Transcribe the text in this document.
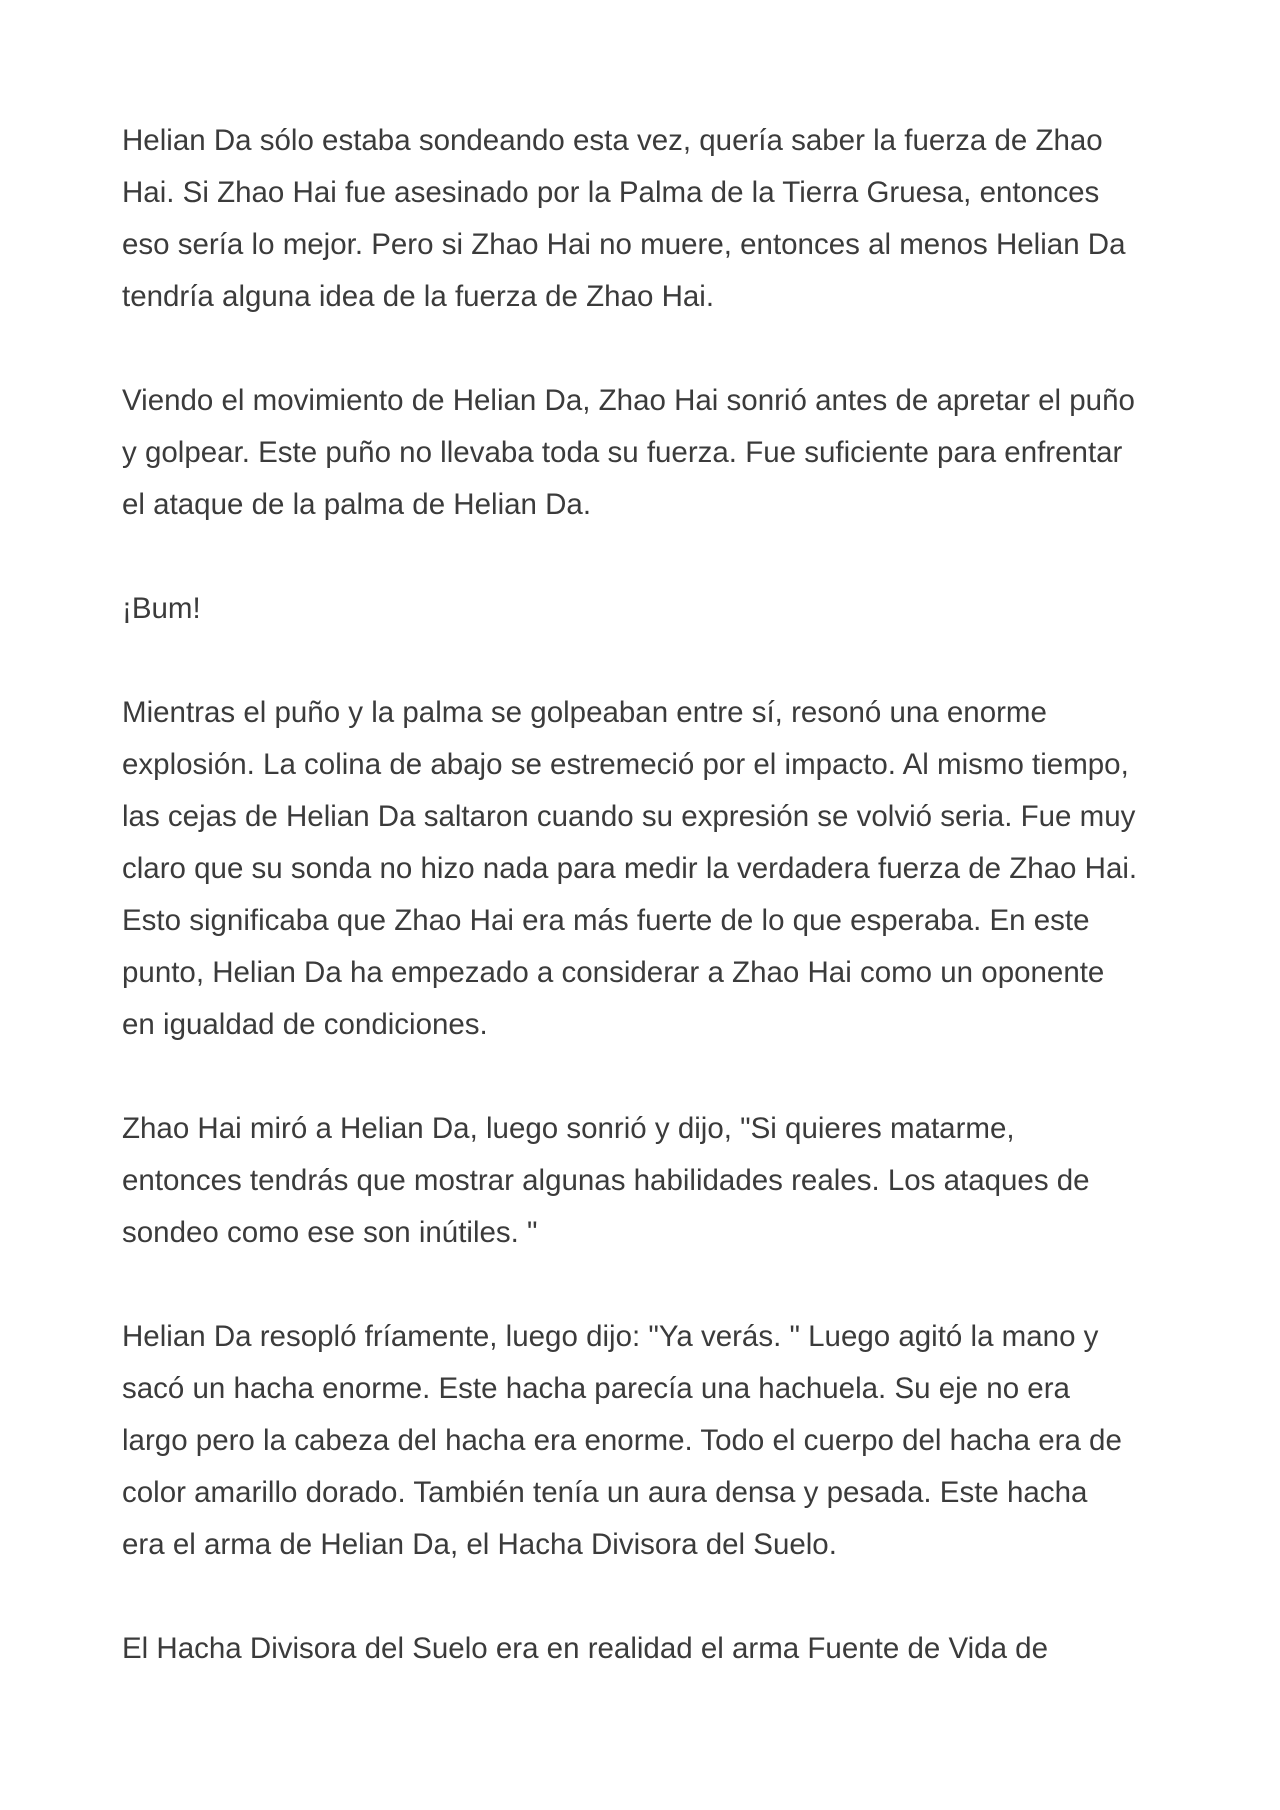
Helian Da sólo estaba sondeando esta vez, quería saber la fuerza de Zhao
Hai. Si Zhao Hai fue asesinado por la Palma de la Tierra Gruesa, entonces
eso sería lo mejor. Pero si Zhao Hai no muere, entonces al menos Helian Da
tendría alguna idea de la fuerza de Zhao Hai.

Viendo el movimiento de Helian Da, Zhao Hai sonrió antes de apretar el puño
y golpear. Este puño no llevaba toda su fuerza. Fue suficiente para enfrentar
el ataque de la palma de Helian Da.

¡Bum!

Mientras el puño y la palma se golpeaban entre sí, resonó una enorme
explosión. La colina de abajo se estremeció por el impacto. Al mismo tiempo,
las cejas de Helian Da saltaron cuando su expresión se volvió seria. Fue muy
claro que su sonda no hizo nada para medir la verdadera fuerza de Zhao Hai.
Esto significaba que Zhao Hai era más fuerte de lo que esperaba. En este
punto, Helian Da ha empezado a considerar a Zhao Hai como un oponente
en igualdad de condiciones.

Zhao Hai miró a Helian Da, luego sonrió y dijo, "Si quieres matarme,
entonces tendrás que mostrar algunas habilidades reales. Los ataques de
sondeo como ese son inútiles. "

Helian Da resopló fríamente, luego dijo: "Ya verás. " Luego agitó la mano y
sacó un hacha enorme. Este hacha parecía una hachuela. Su eje no era
largo pero la cabeza del hacha era enorme. Todo el cuerpo del hacha era de
color amarillo dorado. También tenía un aura densa y pesada. Este hacha
era el arma de Helian Da, el Hacha Divisora del Suelo.

El Hacha Divisora del Suelo era en realidad el arma Fuente de Vida de
